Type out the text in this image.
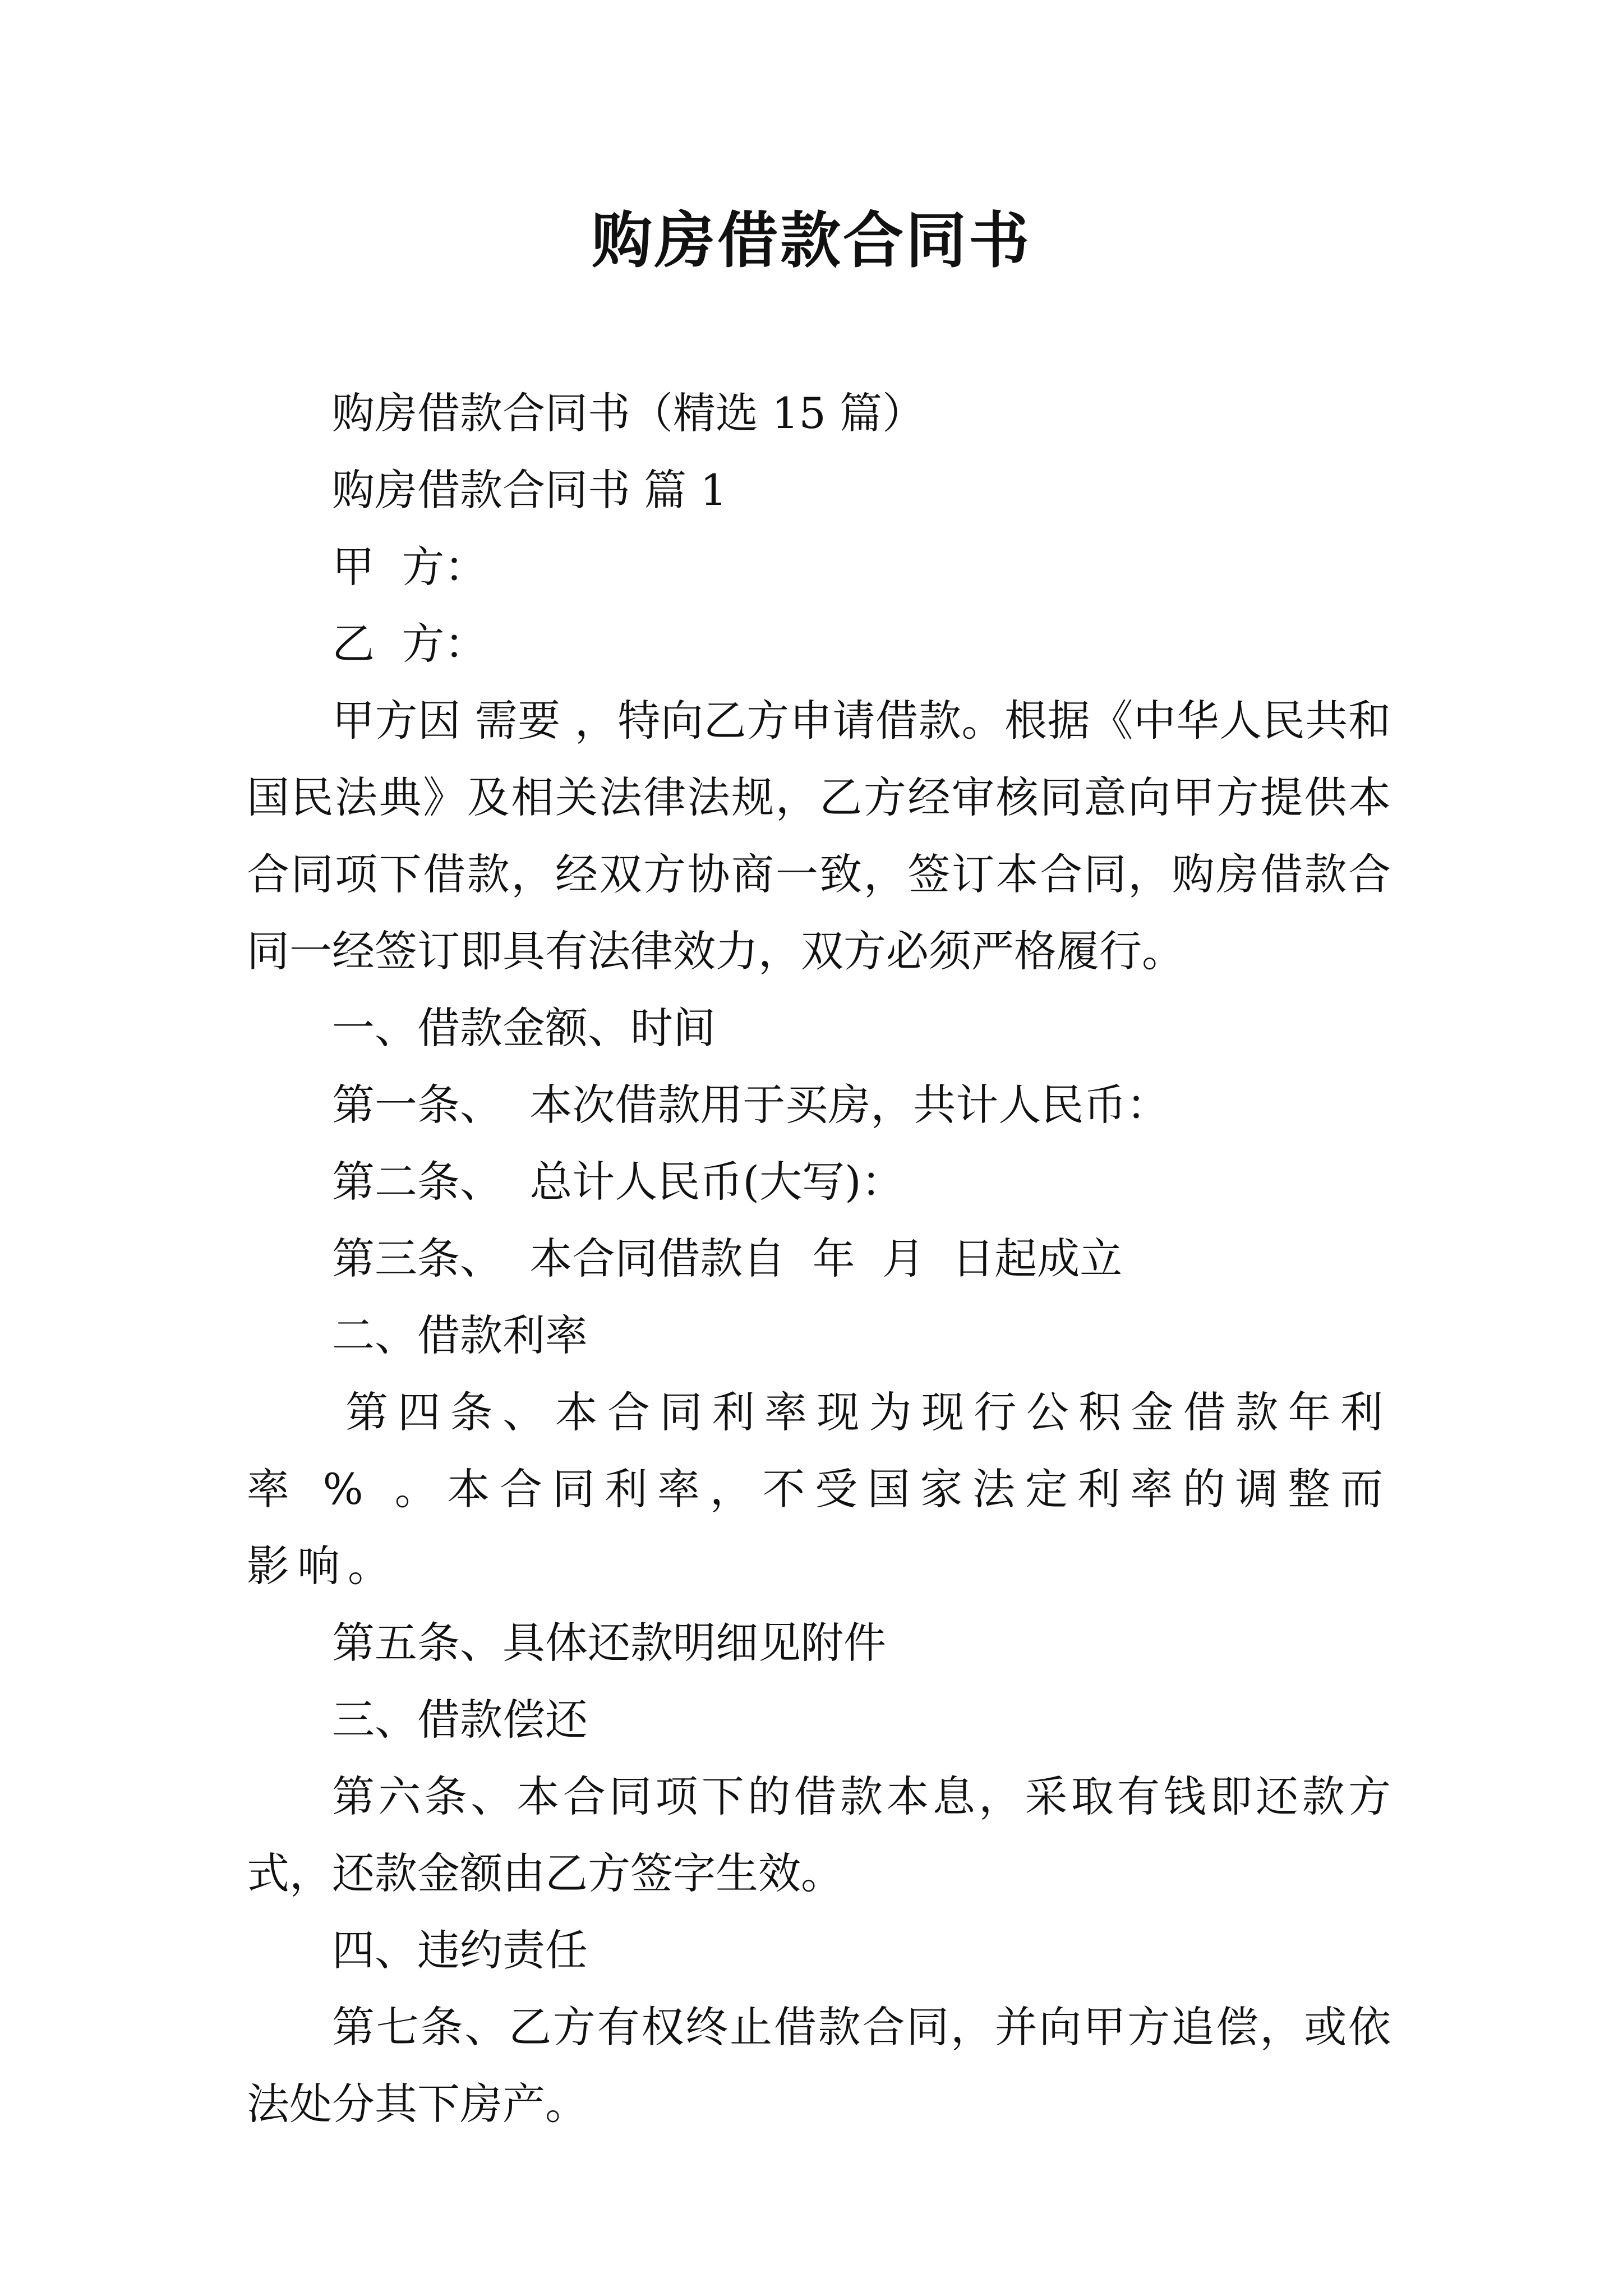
购房借款合同书

购房借款合同书（精选 15 篇）

购房借款合同书 篇 1

甲  方：

乙  方：

甲方因 需要 ，特向乙方申请借款。根据《中华人民共和国民法典》及相关法律法规，乙方经审核同意向甲方提供本合同项下借款，经双方协商一致，签订本合同，购房借款合同一经签订即具有法律效力，双方必须严格履行。

一、借款金额、时间

第一条、  本次借款用于买房，共计人民币：

第二条、  总计人民币(大写)：

第三条、  本合同借款自  年  月  日起成立

二、借款利率

第四条、本合同利率现为现行公积金借款年利率 % 。本合同利率，不受国家法定利率的调整而影响。

第五条、具体还款明细见附件

三、借款偿还

第六条、本合同项下的借款本息，采取有钱即还款方式，还款金额由乙方签字生效。

四、违约责任

第七条、乙方有权终止借款合同，并向甲方追偿，或依法处分其下房产。
